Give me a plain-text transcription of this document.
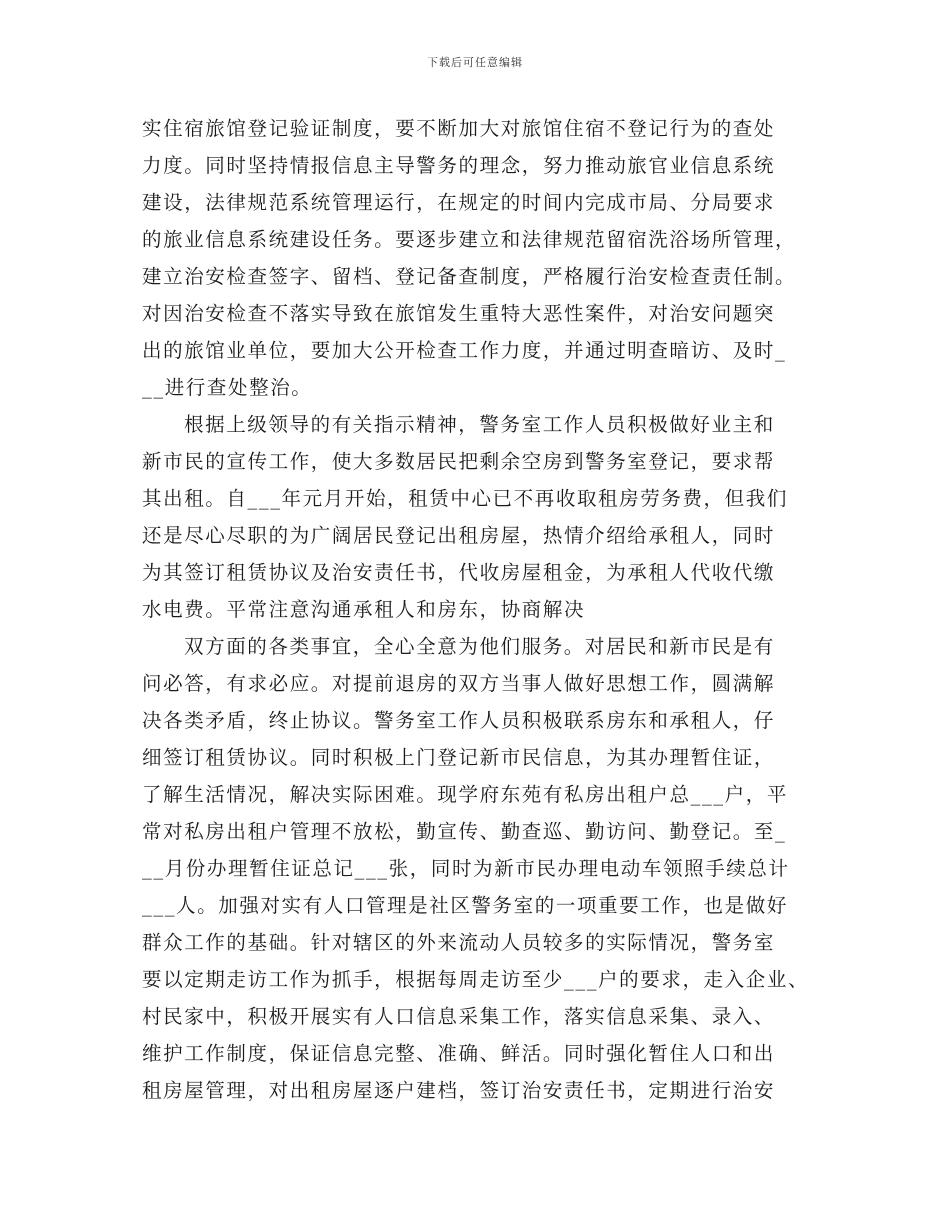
下载后可任意编辑
实住宿旅馆登记验证制度，要不断加大对旅馆住宿不登记行为的查处
力度。同时坚持情报信息主导警务的理念，努力推动旅官业信息系统
建设，法律规范系统管理运行，在规定的时间内完成市局、分局要求
的旅业信息系统建设任务。要逐步建立和法律规范留宿洗浴场所管理，
建立治安检查签字、留档、登记备查制度，严格履行治安检查责任制。
对因治安检查不落实导致在旅馆发生重特大恶性案件，对治安问题突
出的旅馆业单位，要加大公开检查工作力度，并通过明查暗访、及时_
__进行查处整治。
根据上级领导的有关指示精神，警务室工作人员积极做好业主和
新市民的宣传工作，使大多数居民把剩余空房到警务室登记，要求帮
其出租。自___年元月开始，租赁中心已不再收取租房劳务费，但我们
还是尽心尽职的为广阔居民登记出租房屋，热情介绍给承租人，同时
为其签订租赁协议及治安责任书，代收房屋租金，为承租人代收代缴
水电费。平常注意沟通承租人和房东，协商解决
双方面的各类事宜，全心全意为他们服务。对居民和新市民是有
问必答，有求必应。对提前退房的双方当事人做好思想工作，圆满解
决各类矛盾，终止协议。警务室工作人员积极联系房东和承租人，仔
细签订租赁协议。同时积极上门登记新市民信息，为其办理暂住证，
了解生活情况，解决实际困难。现学府东苑有私房出租户总___户，平
常对私房出租户管理不放松，勤宣传、勤查巡、勤访问、勤登记。至_
__月份办理暂住证总记___张，同时为新市民办理电动车领照手续总计
___人。加强对实有人口管理是社区警务室的一项重要工作，也是做好
群众工作的基础。针对辖区的外来流动人员较多的实际情况，警务室
要以定期走访工作为抓手，根据每周走访至少___户的要求，走入企业、
村民家中，积极开展实有人口信息采集工作，落实信息采集、录入、
维护工作制度，保证信息完整、准确、鲜活。同时强化暂住人口和出
租房屋管理，对出租房屋逐户建档，签订治安责任书，定期进行治安
